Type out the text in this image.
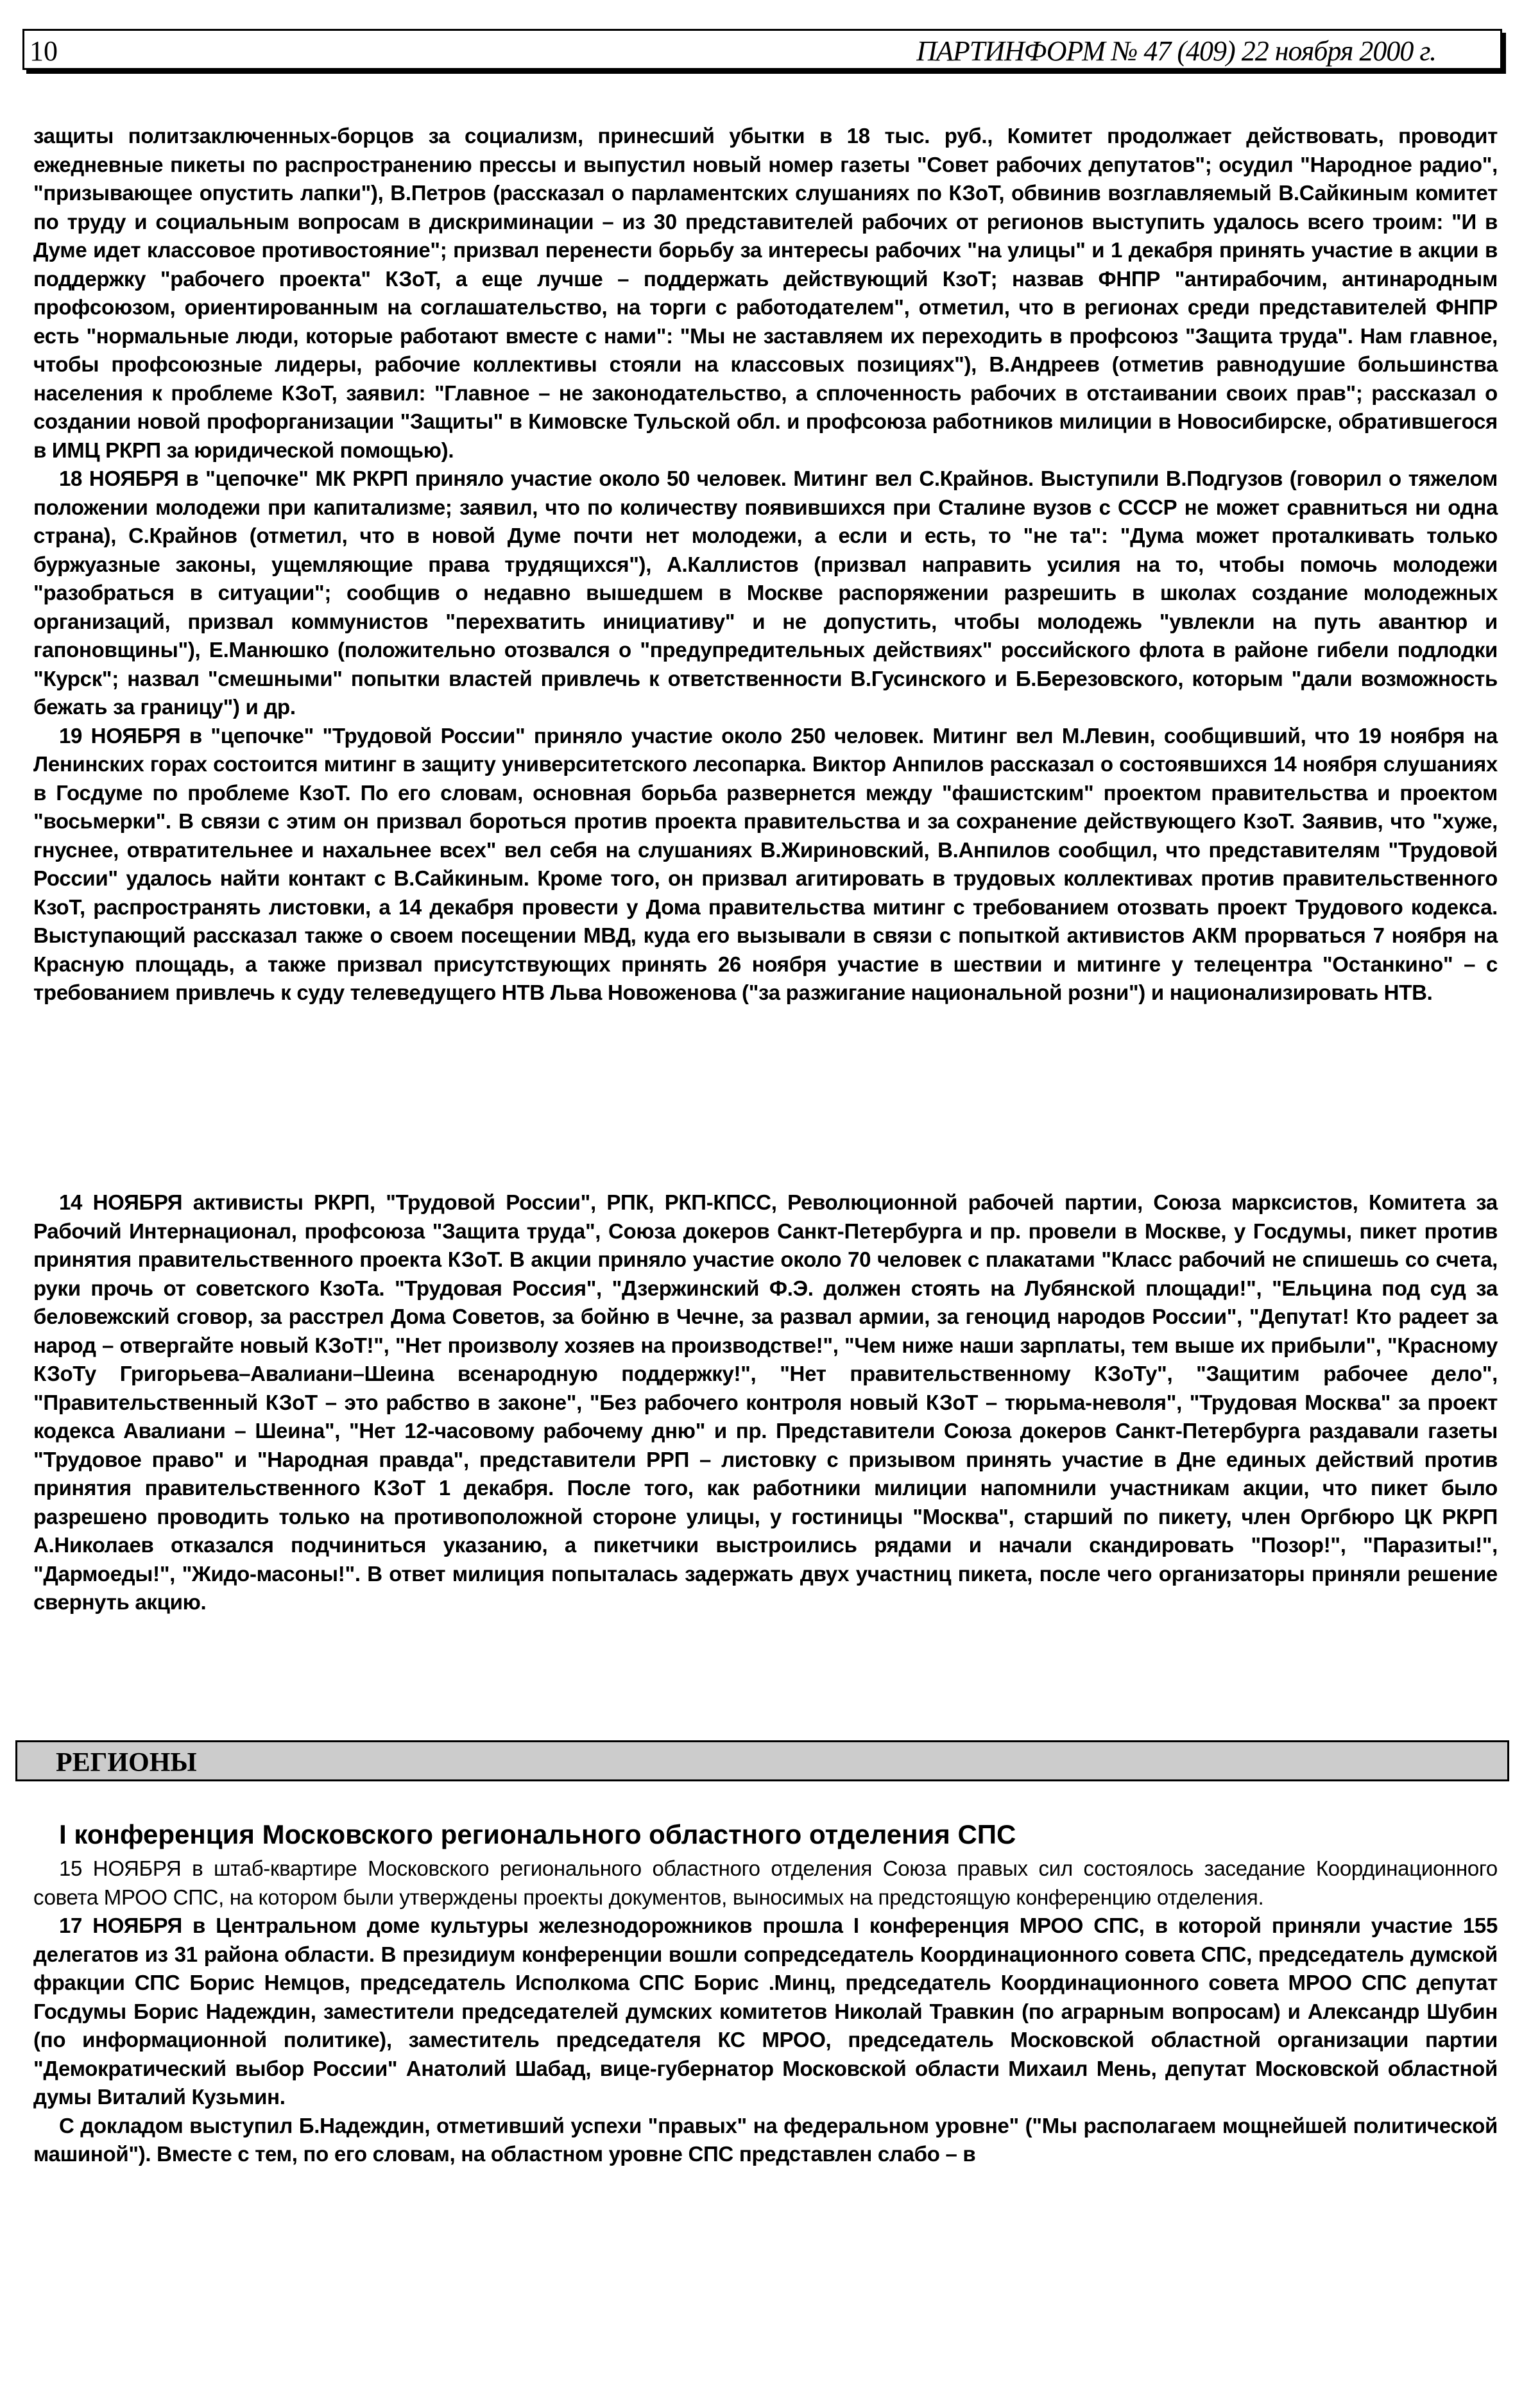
10	ПАРТИНФОРМ № 47 (409) 22 ноября 2000 г.

защиты политзаключенных-борцов за социализм, принесший убытки в 18 тыс. руб., Комитет продолжает действовать, проводит ежедневные пикеты по распространению прессы и выпустил новый номер газеты "Совет рабочих депутатов"; осудил "Народное радио", "призывающее опустить лапки"), В.Петров (рассказал о парламентских слушаниях по КЗоТ, обвинив возглавляемый В.Сайкиным комитет по труду и социальным вопросам в дискриминации – из 30 представителей рабочих от регионов выступить удалось всего троим: "И в Думе идет классовое противостояние"; призвал перенести борьбу за интересы рабочих "на улицы" и 1 декабря принять участие в акции в поддержку "рабочего проекта" КЗоТ, а еще лучше – поддержать действующий КзоТ; назвав ФНПР "антирабочим, антинародным профсоюзом, ориентированным на соглашательство, на торги с работодателем", отметил, что в регионах среди представителей ФНПР есть "нормальные люди, которые работают вместе с нами": "Мы не заставляем их переходить в профсоюз "Защита труда". Нам главное, чтобы профсоюзные лидеры, рабочие коллективы стояли на классовых позициях"), В.Андреев (отметив равнодушие большинства населения к проблеме КЗоТ, заявил: "Главное – не законодательство, а сплоченность рабочих в отстаивании своих прав"; рассказал о создании новой профорганизации "Защиты" в Кимовске Тульской обл. и профсоюза работников милиции в Новосибирске, обратившегося в ИМЦ РКРП за юридической помощью).

18 НОЯБРЯ в "цепочке" МК РКРП приняло участие около 50 человек. Митинг вел С.Крайнов. Выступили В.Подгузов (говорил о тяжелом положении молодежи при капитализме; заявил, что по количеству появившихся при Сталине вузов с СССР не может сравниться ни одна страна), С.Крайнов (отметил, что в новой Думе почти нет молодежи, а если и есть, то "не та": "Дума может проталкивать только буржуазные законы, ущемляющие права трудящихся"), А.Каллистов (призвал направить усилия на то, чтобы помочь молодежи "разобраться в ситуации"; сообщив о недавно вышедшем в Москве распоряжении разрешить в школах создание молодежных организаций, призвал коммунистов "перехватить инициативу" и не допустить, чтобы молодежь "увлекли на путь авантюр и гапоновщины"), Е.Манюшко (положительно отозвался о "предупредительных действиях" российского флота в районе гибели подлодки "Курск"; назвал "смешными" попытки властей привлечь к ответственности В.Гусинского и Б.Березовского, которым "дали возможность бежать за границу") и др.

19 НОЯБРЯ в "цепочке" "Трудовой России" приняло участие около 250 человек. Митинг вел М.Левин, сообщивший, что 19 ноября на Ленинских горах состоится митинг в защиту университетского лесопарка. Виктор Анпилов рассказал о состоявшихся 14 ноября слушаниях в Госдуме по проблеме КзоТ. По его словам, основная борьба развернется между "фашистским" проектом правительства и проектом "восьмерки". В связи с этим он призвал бороться против проекта правительства и за сохранение действующего КзоТ. Заявив, что "хуже, гнуснее, отвратительнее и нахальнее всех" вел себя на слушаниях В.Жириновский, В.Анпилов сообщил, что представителям "Трудовой России" удалось найти контакт с В.Сайкиным. Кроме того, он призвал агитировать в трудовых коллективах против правительственного КзоТ, распространять листовки, а 14 декабря провести у Дома правительства митинг с требованием отозвать проект Трудового кодекса. Выступающий рассказал также о своем посещении МВД, куда его вызывали в связи с попыткой активистов АКМ прорваться 7 ноября на Красную площадь, а также призвал присутствующих принять 26 ноября участие в шествии и митинге у телецентра "Останкино" – с требованием привлечь к суду телеведущего НТВ Льва Новоженова ("за разжигание национальной розни") и национализировать НТВ.

14 НОЯБРЯ активисты РКРП, "Трудовой России", РПК, РКП-КПСС, Революционной рабочей партии, Союза марксистов, Комитета за Рабочий Интернационал, профсоюза "Защита труда", Союза докеров Санкт-Петербурга и пр. провели в Москве, у Госдумы, пикет против принятия правительственного проекта КЗоТ. В акции приняло участие около 70 человек с плакатами "Класс рабочий не спишешь со счета, руки прочь от советского КзоТа. "Трудовая Россия", "Дзержинский Ф.Э. должен стоять на Лубянской площади!", "Ельцина под суд за беловежский сговор, за расстрел Дома Советов, за бойню в Чечне, за развал армии, за геноцид народов России", "Депутат! Кто радеет за народ – отвергайте новый КЗоТ!", "Нет произволу хозяев на производстве!", "Чем ниже наши зарплаты, тем выше их прибыли", "Красному КЗоТу Григорьева–Авалиани–Шеина всенародную поддержку!", "Нет правительственному КЗоТу", "Защитим рабочее дело", "Правительственный КЗоТ – это рабство в законе", "Без рабочего контроля новый КЗоТ – тюрьма-неволя", "Трудовая Москва" за проект кодекса Авалиани – Шеина", "Нет 12-часовому рабочему дню" и пр. Представители Союза докеров Санкт-Петербурга раздавали газеты "Трудовое право" и "Народная правда", представители РРП – листовку с призывом принять участие в Дне единых действий против принятия правительственного КЗоТ 1 декабря. После того, как работники милиции напомнили участникам акции, что пикет было разрешено проводить только на противоположной стороне улицы, у гостиницы "Москва", старший по пикету, член Оргбюро ЦК РКРП А.Николаев отказался подчиниться указанию, а пикетчики выстроились рядами и начали скандировать "Позор!", "Паразиты!", "Дармоеды!", "Жидо-масоны!". В ответ милиция попыталась задержать двух участниц пикета, после чего организаторы приняли решение свернуть акцию.

РЕГИОНЫ
I конференция Московского регионального областного отделения СПС

15 НОЯБРЯ в штаб-квартире Московского регионального областного отделения Союза правых сил состоялось заседание Координационного совета МРОО СПС, на котором были утверждены проекты документов, выносимых на предстоящую конференцию отделения.

17 НОЯБРЯ в Центральном доме культуры железнодорожников прошла I конференция МРОО СПС, в которой приняли участие 155 делегатов из 31 района области. В президиум конференции вошли сопредседатель Координационного совета СПС, председатель думской фракции СПС Борис Немцов, председатель Исполкома СПС Борис .Минц, председатель Координационного совета МРОО СПС депутат Госдумы Борис Надеждин, заместители председателей думских комитетов Николай Травкин (по аграрным вопросам) и Александр Шубин (по информационной политике), заместитель председателя КС МРОО, председатель Московской областной организации партии "Демократический выбор России" Анатолий Шабад, вице-губернатор Московской области Михаил Мень, депутат Московской областной думы Виталий Кузьмин.

С докладом выступил Б.Надеждин, отметивший успехи "правых" на федеральном уровне" ("Мы располагаем мощнейшей политической машиной"). Вместе с тем, по его словам, на областном уровне СПС представлен слабо – в
